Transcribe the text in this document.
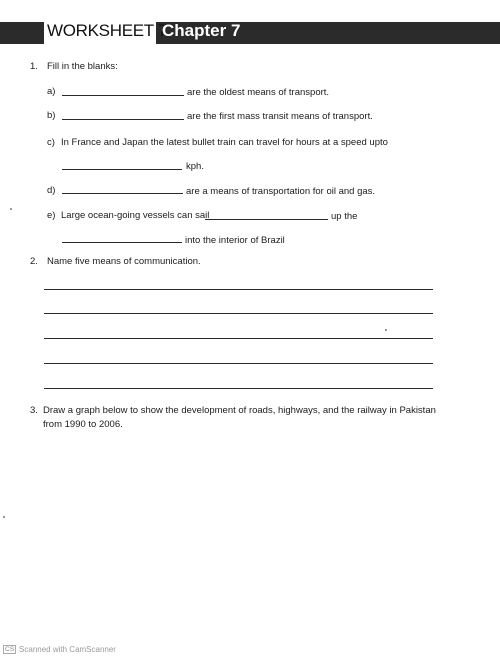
WORKSHEET 7
Chapter 7
1. Fill in the blanks:
a)	are the oldest means of transport.
b)	are the first mass transit means of transport.
c) In France and Japan the latest bullet train can travel for hours at a speed upto
kph.
d)	are a means of transportation for oil and gas.
e) Large ocean-going vessels can sail	up the
into the interior of Brazil
2. Name five means of communication.
3. Draw a graph below to show the development of roads, highways, and the railway in Pakistan
from 1990 to 2006.
CS Scanned with CamScanner
